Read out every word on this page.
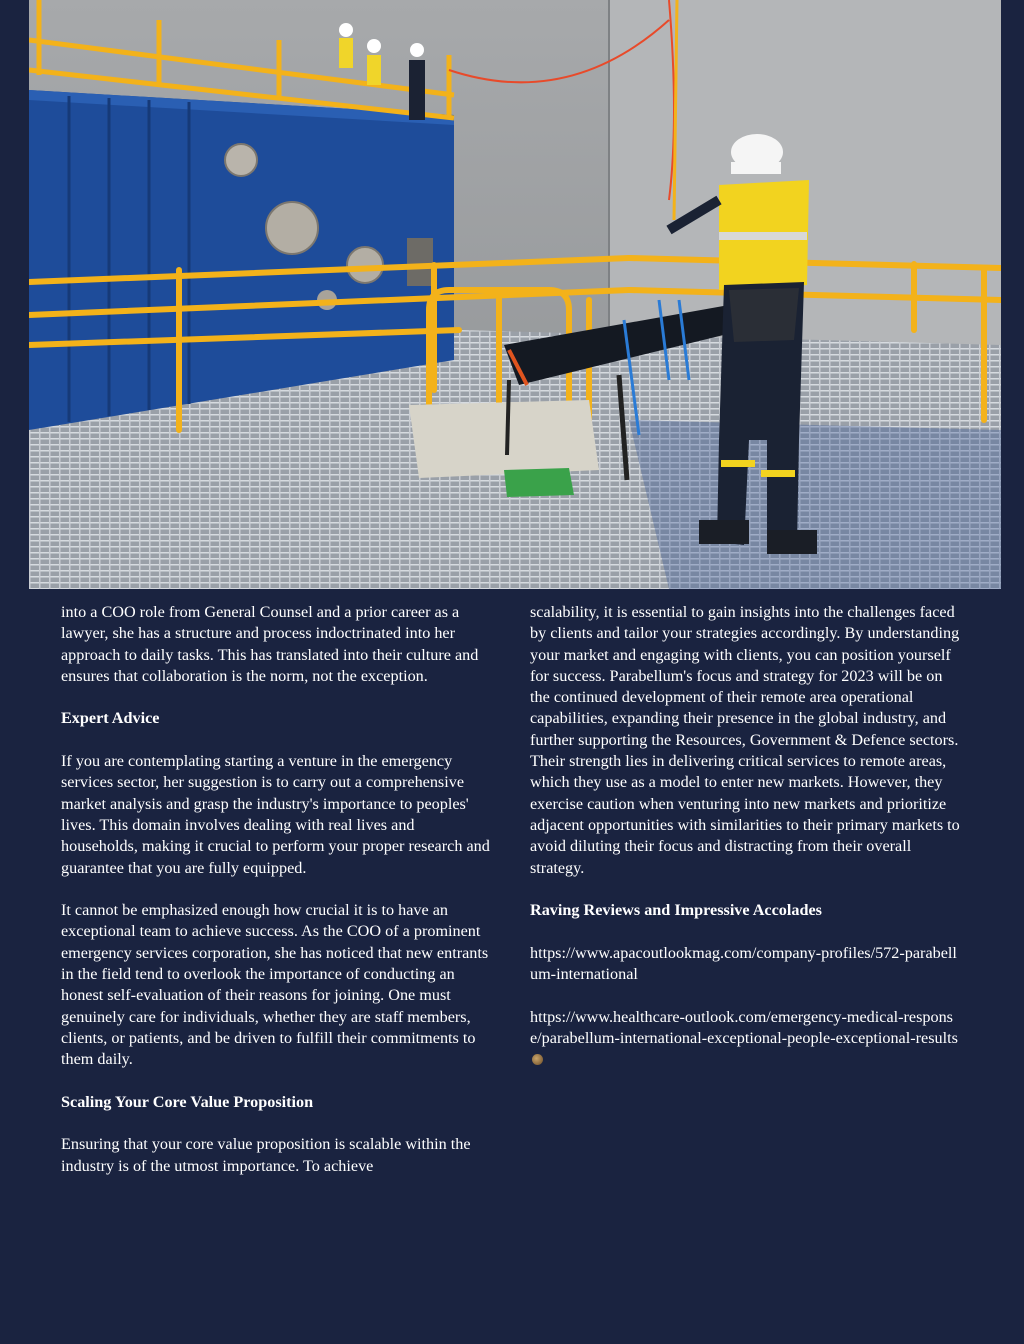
into a COO role from General Counsel and a prior career as a lawyer, she has a structure and process indoctrinated into her approach to daily tasks. This has translated into their culture and ensures that collaboration is the norm, not the exception.

Expert Advice

If you are contemplating starting a venture in the emergency services sector, her suggestion is to carry out a comprehensive market analysis and grasp the industry's importance to peoples' lives. This domain involves dealing with real lives and households, making it crucial to perform your proper research and guarantee that you are fully equipped.

It cannot be emphasized enough how crucial it is to have an exceptional team to achieve success. As the COO of a prominent emergency services corporation, she has noticed that new entrants in the field tend to overlook the importance of conducting an honest self-evaluation of their reasons for joining. One must genuinely care for individuals, whether they are staff members, clients, or patients, and be driven to fulfill their commitments to them daily.

Scaling Your Core Value Proposition

Ensuring that your core value proposition is scalable within the industry is of the utmost importance. To achieve

scalability, it is essential to gain insights into the challenges faced by clients and tailor your strategies accordingly. By understanding your market and engaging with clients, you can position yourself for success. Parabellum's focus and strategy for 2023 will be on the continued development of their remote area operational capabilities, expanding their presence in the global industry, and further supporting the Resources, Government & Defence sectors. Their strength lies in delivering critical services to remote areas, which they use as a model to enter new markets. However, they exercise caution when venturing into new markets and prioritize adjacent opportunities with similarities to their primary markets to avoid diluting their focus and distracting from their overall strategy.

Raving Reviews and Impressive Accolades

https://www.apacoutlookmag.com/company-profiles/572-parabellum-international

https://www.healthcare-outlook.com/emergency-medical-response/parabellum-international-exceptional-people-exceptional-results
